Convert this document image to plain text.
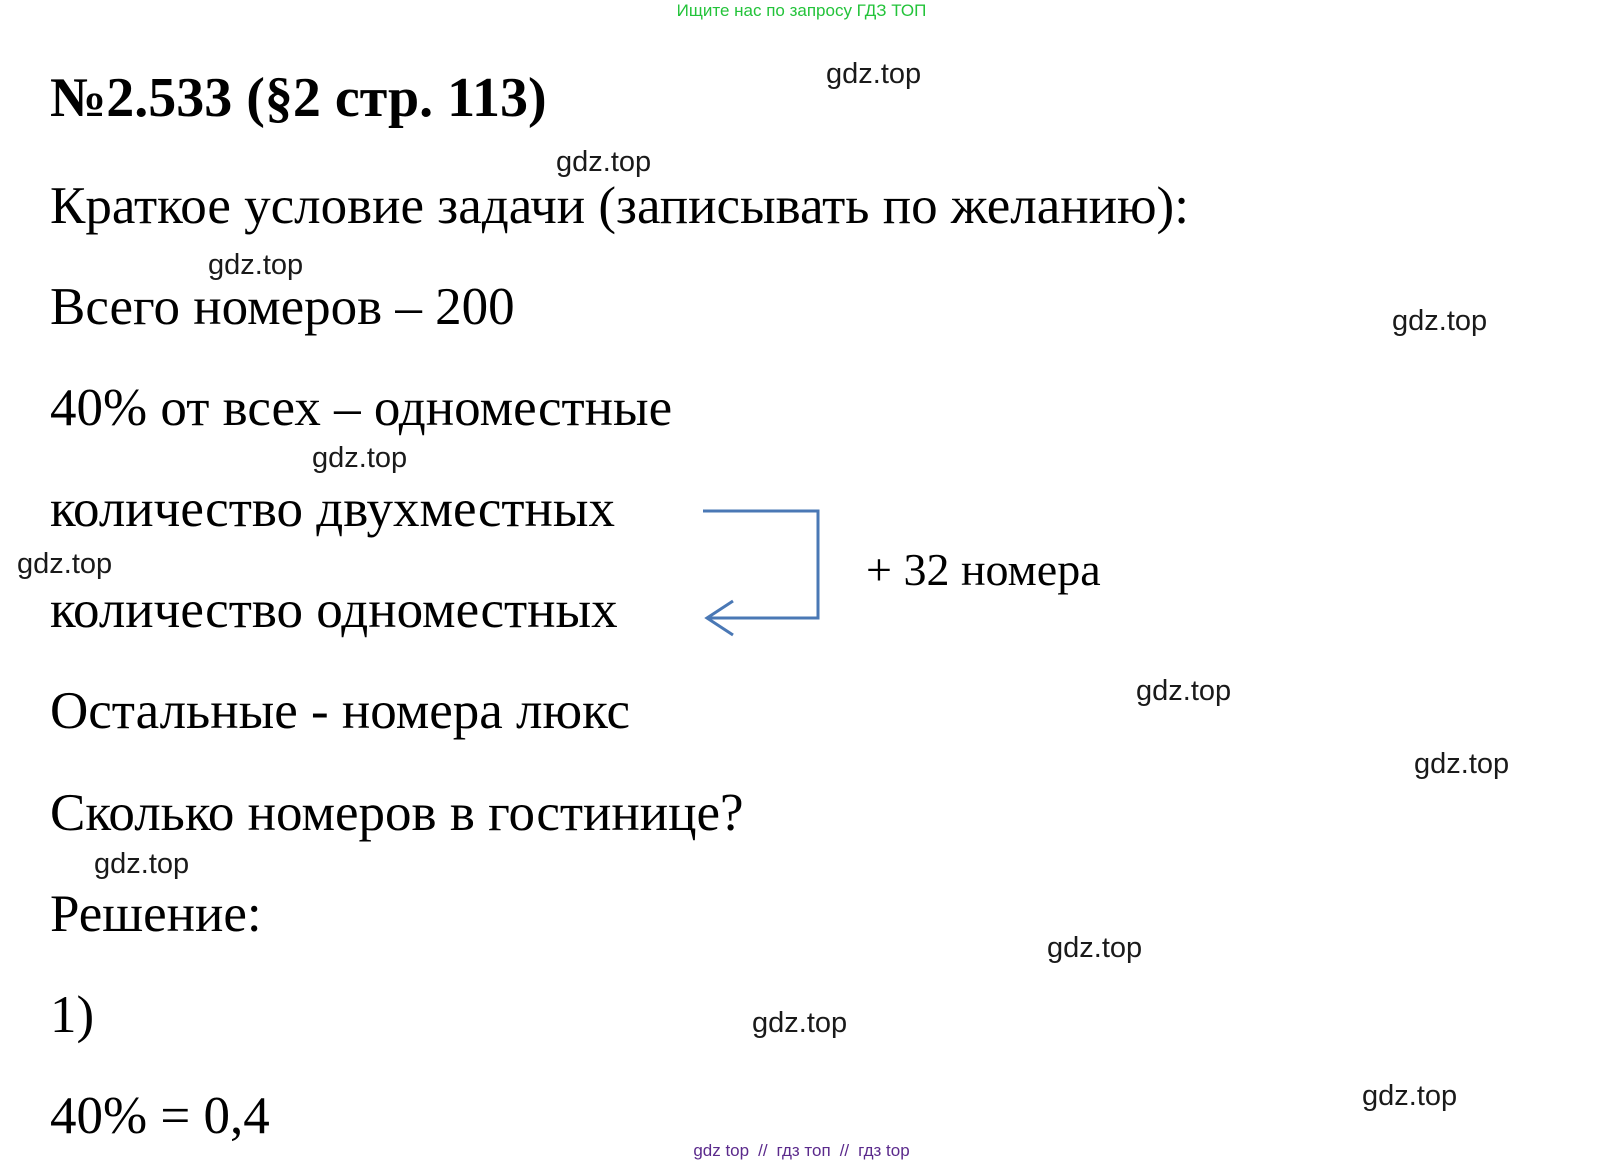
Ищите нас по запросу ГДЗ ТОП
№2.533 (§2 стр. 113)
Краткое условие задачи (записывать по желанию):
Всего номеров – 200
40% от всех – одноместные
количество двухместных
количество одноместных
Остальные - номера люкс
Сколько номеров в гостинице?
Решение:
1)
40% = 0,4
+ 32 номера
gdz.top
gdz.top
gdz.top
gdz.top
gdz.top
gdz.top
gdz.top
gdz.top
gdz.top
gdz.top
gdz.top
gdz.top
gdz top // гдз топ // гдз top
